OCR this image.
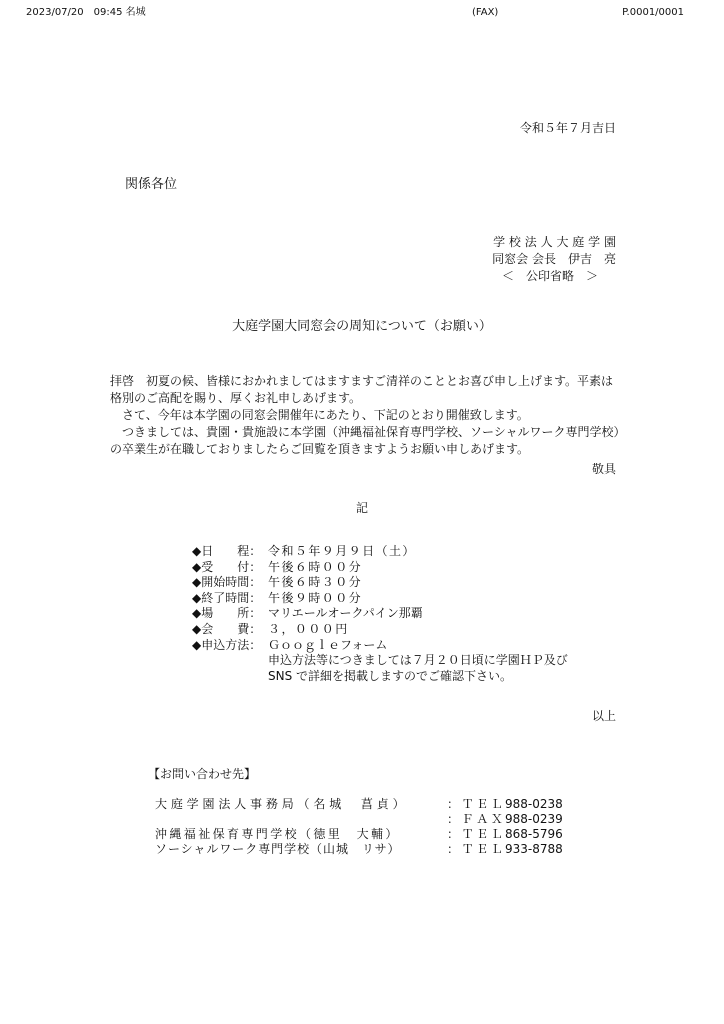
2023/07/20　09:45 名城	(FAX)	P.0001/0001
令和５年７月吉日
関係各位
学校法人大庭学園
同窓会 会長　伊吉　亮
＜　公印省略　＞
大庭学園大同窓会の周知について（お願い）

拝啓　初夏の候、皆様におかれましてはますますご清祥のこととお喜び申し上げます。平素は格別のご高配を賜り、厚くお礼申しあげます。

さて、今年は本学園の同窓会開催年にあたり、下記のとおり開催致します。

つきましては、貴園・貴施設に本学園（沖縄福祉保育専門学校、ソーシャルワーク専門学校）の卒業生が在職しておりましたらご回覧を頂きますようお願い申しあげます。

敬具
記
◆日　　程： 令和５年９月９日（土）
◆受　　付： 午後６時００分
◆開始時間： 午後６時３０分
◆終了時間： 午後９時００分
◆場　　所： マリエールオークパイン那覇
◆会　　費： ３，０００円
◆申込方法： Ｇｏｏｇｌｅフォーム
申込方法等につきましては７月２０日頃に学園ＨＰ及び
SNS で詳細を掲載しますのでご確認下さい。
以上
【お問い合わせ先】
大庭学園法人事務局（名城　菖貞）	：ＴＥＬ 988-0238
：ＦＡＸ 988-0239
沖縄福祉保育専門学校（徳里　大輔）	：ＴＥＬ 868-5796
ソーシャルワーク専門学校（山城　リサ）	：ＴＥＬ 933-8788
